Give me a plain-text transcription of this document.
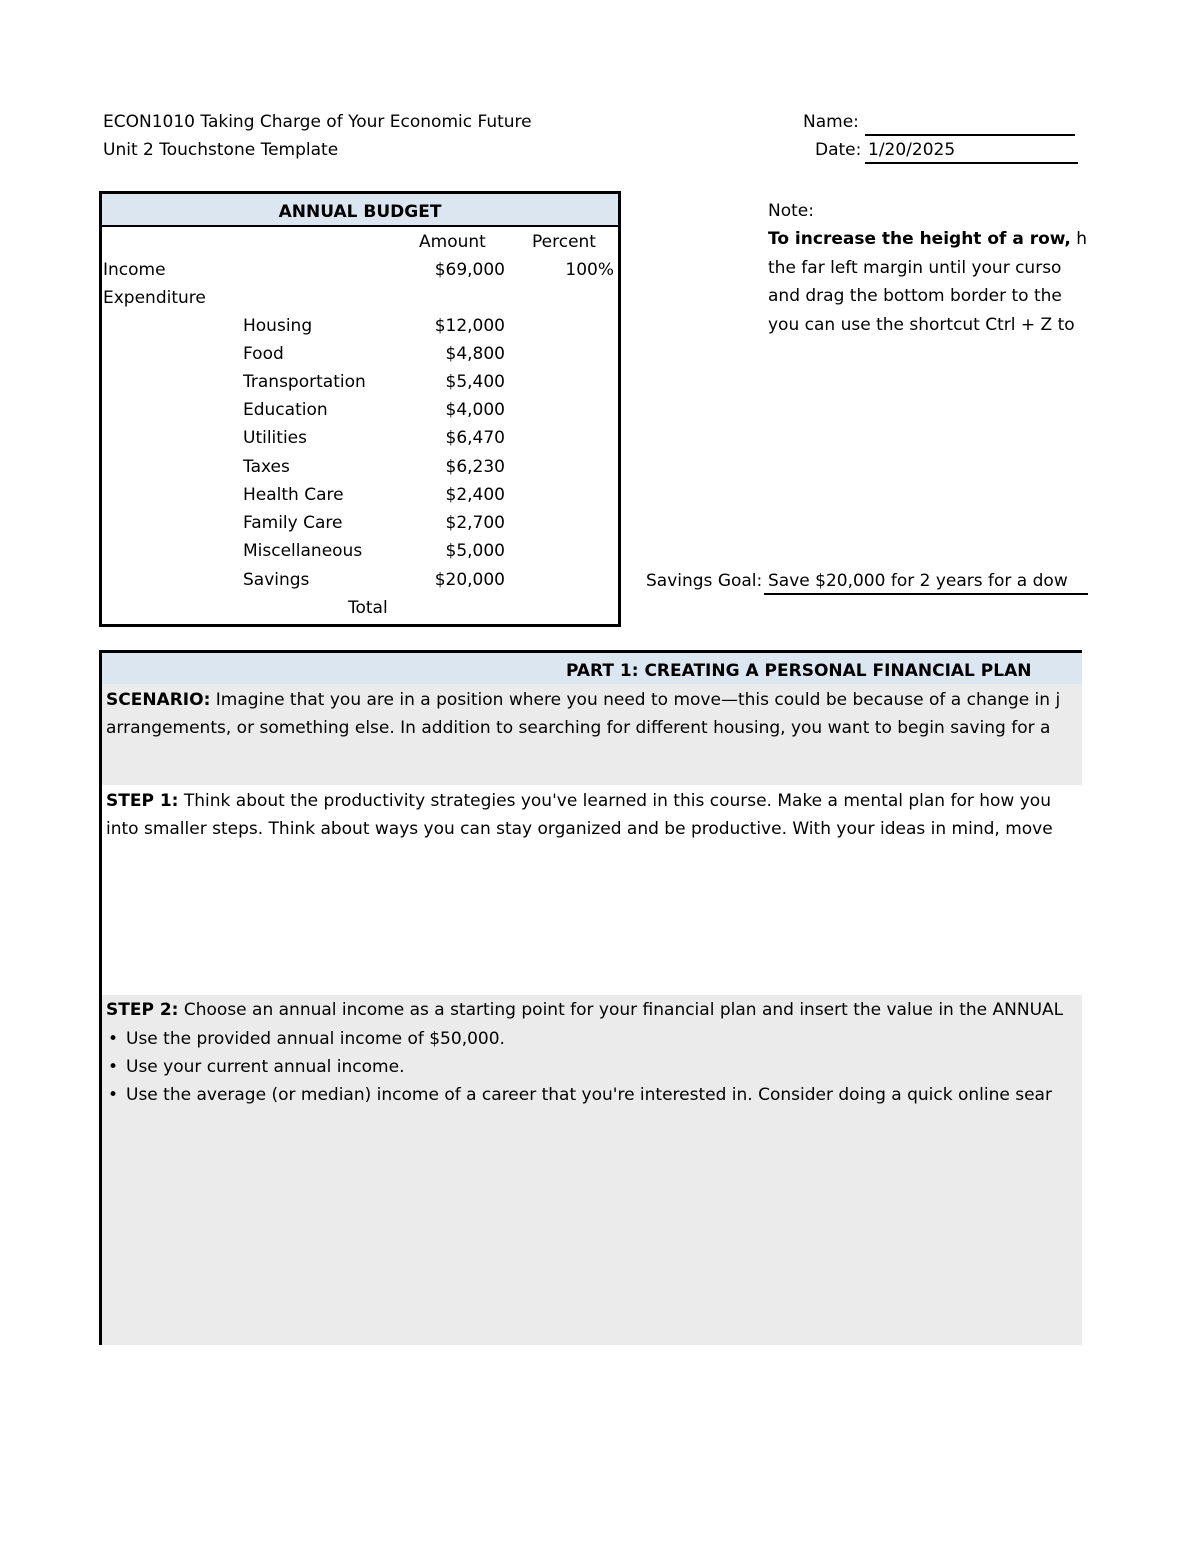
ECON1010 Taking Charge of Your Economic Future
Unit 2 Touchstone Template
Name:
Date: 1/20/2025
ANNUAL BUDGET
Amount	Percent
Income	$69,000	100%
Expenditure
Housing	$12,000
Food	$4,800
Transportation	$5,400
Education	$4,000
Utilities	$6,470
Taxes	$6,230
Health Care	$2,400
Family Care	$2,700
Miscellaneous	$5,000
Savings	$20,000
Total
Note:
To increase the height of a row, h
the far left margin until your curso
and drag the bottom border to the
you can use the shortcut Ctrl + Z to
Savings Goal: Save $20,000 for 2 years for a dow
PART 1: CREATING A PERSONAL FINANCIAL PLAN
SCENARIO: Imagine that you are in a position where you need to move—this could be because of a change in j
arrangements, or something else. In addition to searching for different housing, you want to begin saving for a
STEP 1: Think about the productivity strategies you've learned in this course. Make a mental plan for how you
into smaller steps. Think about ways you can stay organized and be productive. With your ideas in mind, move
STEP 2: Choose an annual income as a starting point for your financial plan and insert the value in the ANNUAL
• Use the provided annual income of $50,000.
• Use your current annual income.
• Use the average (or median) income of a career that you're interested in. Consider doing a quick online sear
